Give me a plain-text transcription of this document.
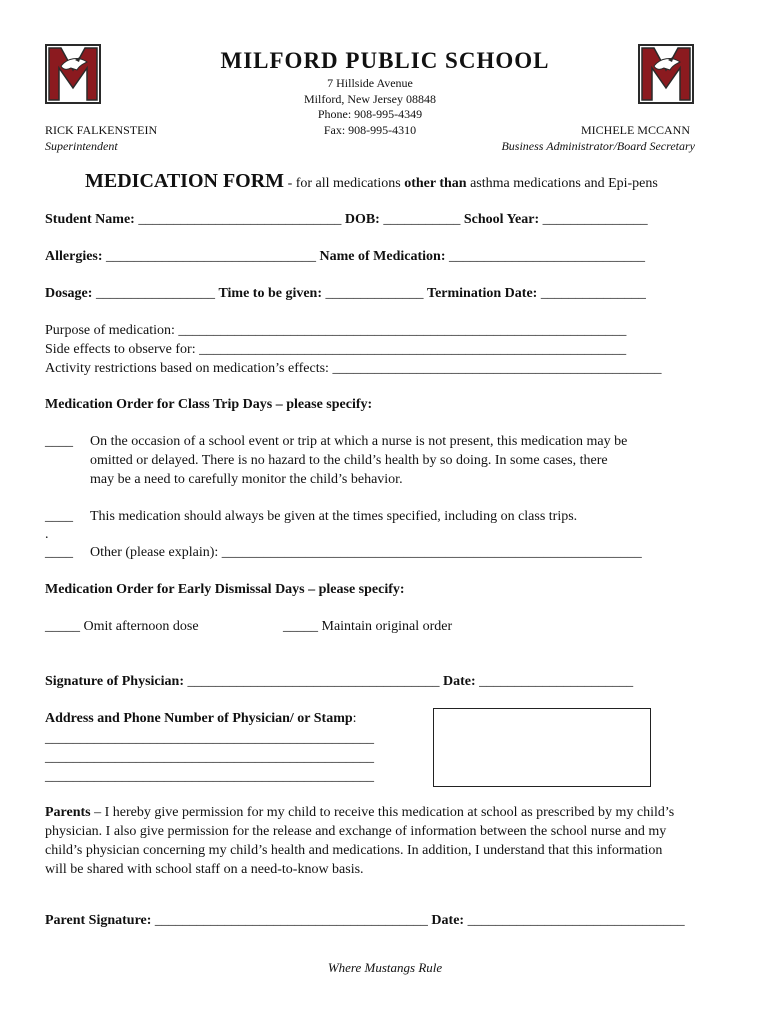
MILFORD PUBLIC SCHOOL
7 Hillside Avenue
Milford, New Jersey 08848
Phone: 908-995-4349
Fax: 908-995-4310
RICK FALKENSTEIN
Superintendent
MICHELE MCCANN
Business Administrator/Board Secretary
MEDICATION FORM - for all medications other than asthma medications and Epi-pens
Student Name: _____________________________ DOB: ___________ School Year: _______________
Allergies: ______________________________ Name of Medication: ____________________________
Dosage: _________________ Time to be given: ______________ Termination Date: _______________
Purpose of medication: ________________________________________________________________
Side effects to observe for: _____________________________________________________________
Activity restrictions based on medication’s effects: _______________________________________________
Medication Order for Class Trip Days – please specify:
____ On the occasion of a school event or trip at which a nurse is not present, this medication may be
omitted or delayed. There is no hazard to the child’s health by so doing. In some cases, there
may be a need to carefully monitor the child’s behavior.
____ This medication should always be given at the times specified, including on class trips.
.
____ Other (please explain): ____________________________________________________________
Medication Order for Early Dismissal Days – please specify:
_____ Omit afternoon dose	_____ Maintain original order
Signature of Physician: ____________________________________ Date: ______________________
Address and Phone Number of Physician/ or Stamp:
_______________________________________________
_______________________________________________
_______________________________________________
Parents – I hereby give permission for my child to receive this medication at school as prescribed by my child’s
physician. I also give permission for the release and exchange of information between the school nurse and my
child’s physician concerning my child’s health and medications. In addition, I understand that this information
will be shared with school staff on a need-to-know basis.
Parent Signature: _______________________________________ Date: _______________________________
Where Mustangs Rule
